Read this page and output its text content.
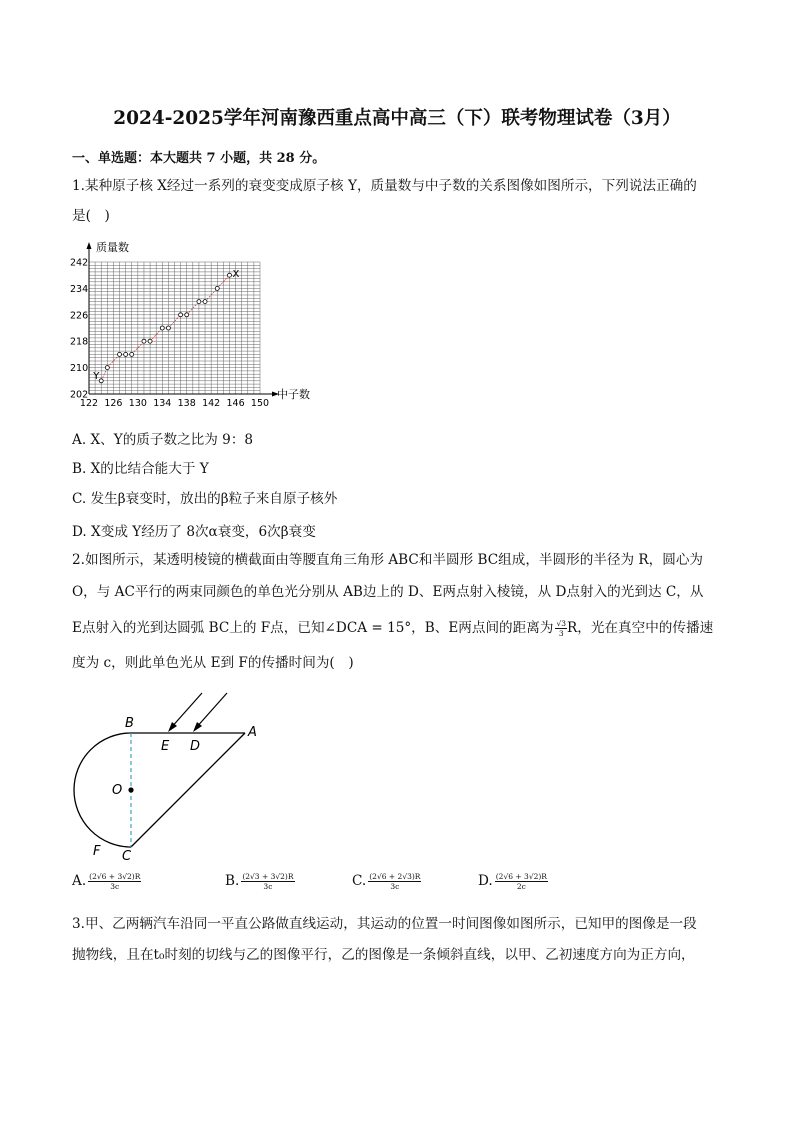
2024-2025学年河南豫西重点高中高三（下）联考物理试卷（3月）
一、单选题：本大题共 7 小题，共 28 分。
1.某种原子核 X经过一系列的衰变变成原子核 Y，质量数与中子数的关系图像如图所示，下列说法正确的
是(　)
质量数
中子数
242
234
226
218
210
202
122 126 130 134 138 142 146 150
X
Y
A. X、Y的质子数之比为 9：8
B. X的比结合能大于 Y
C. 发生β衰变时，放出的β粒子来自原子核外
D. X变成 Y经历了 8次α衰变，6次β衰变
2.如图所示，某透明棱镜的横截面由等腰直角三角形 ABC和半圆形 BC组成，半圆形的半径为 R，圆心为
O，与 AC平行的两束同颜色的单色光分别从 AB边上的 D、E两点射入棱镜，从 D点射入的光到达 C，从
E点射入的光到达圆弧 BC上的 F点，已知∠DCA = 15°，B、E两点间的距离为 $\frac{√3}{3}$ R，光在真空中的传播速
度为 c，则此单色光从 E到 F的传播时间为(　)
B
A
E D
O
F C
A. $\frac{(2√6 + 3√2)R}{3c}$	B. $\frac{(2√3 + 3√2)R}{3c}$	C. $\frac{(2√6 + 2√3)R}{3c}$	D. $\frac{(2√6 + 3√2)R}{2c}$
3.甲、乙两辆汽车沿同一平直公路做直线运动，其运动的位置一时间图像如图所示，已知甲的图像是一段
抛物线，且在t₀时刻的切线与乙的图像平行，乙的图像是一条倾斜直线，以甲、乙初速度方向为正方向，
